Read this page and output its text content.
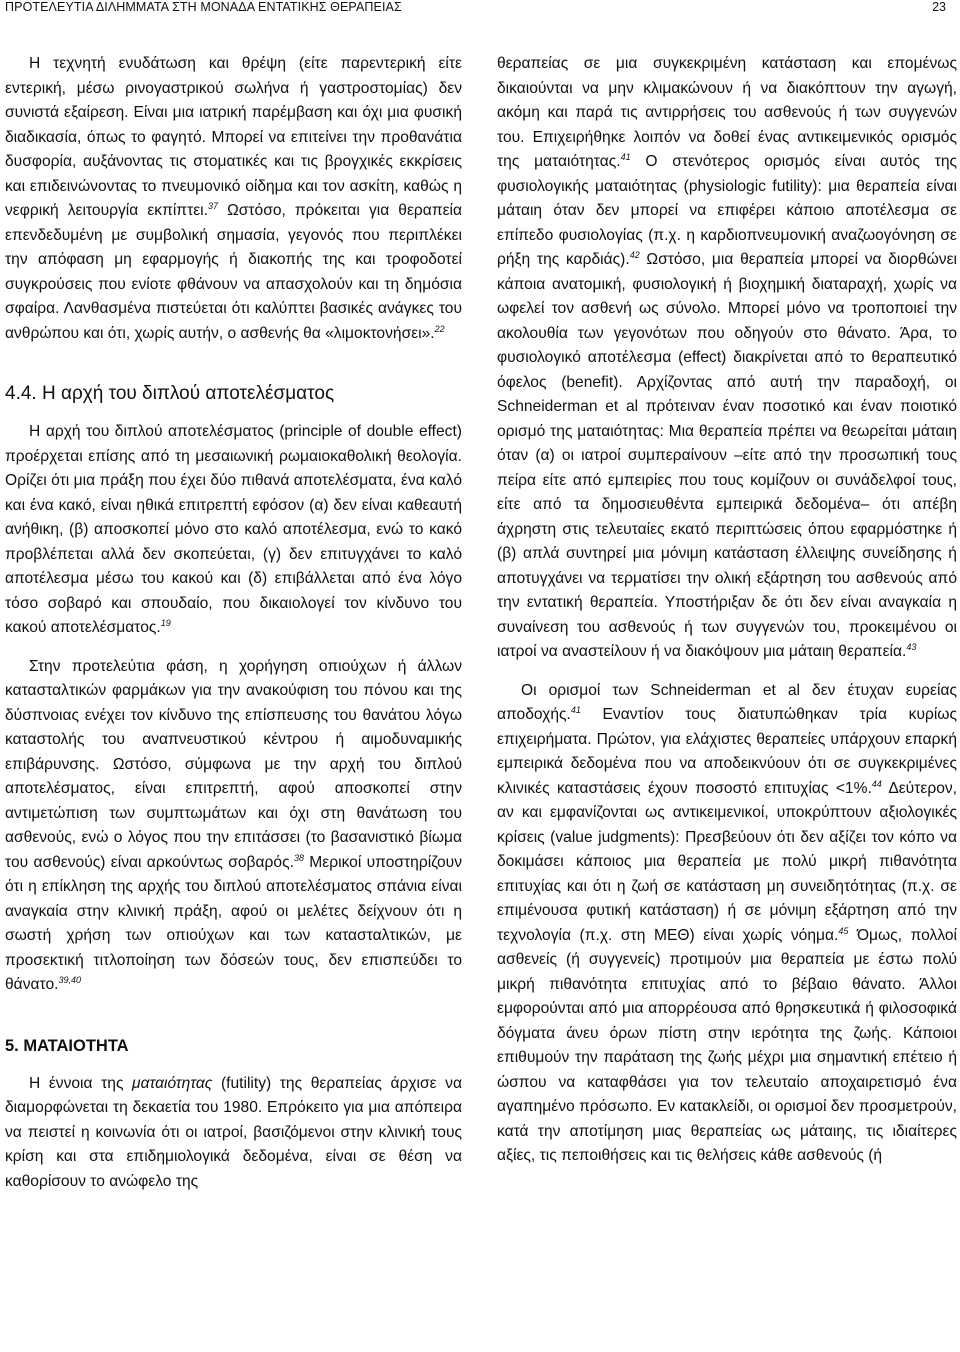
ΠΡΟΤΕΛΕΥΤΙΑ ΔΙΛΗΜΜΑΤΑ ΣΤΗ ΜΟΝΑΔΑ ΕΝΤΑΤΙΚΗΣ ΘΕΡΑΠΕΙΑΣ	23

Η τεχνητή ενυδάτωση και θρέψη (είτε παρεντερική είτε εντερική, μέσω ρινογαστρικού σωλήνα ή γαστροστομίας) δεν συνιστά εξαίρεση. Είναι μια ιατρική παρέμβαση και όχι μια φυσική διαδικασία, όπως το φαγητό. Μπορεί να επιτείνει την προθανάτια δυσφορία, αυξάνοντας τις στοματικές και τις βρογχικές εκκρίσεις και επιδεινώνοντας το πνευμονικό οίδημα και τον ασκίτη, καθώς η νεφρική λειτουργία εκπίπτει.$^{37}$ Ωστόσο, πρόκειται για θεραπεία επενδεδυμένη με συμβολική σημασία, γεγονός που περιπλέκει την απόφαση μη εφαρμογής ή διακοπής της και τροφοδοτεί συγκρούσεις που ενίοτε φθάνουν να απασχολούν και τη δημόσια σφαίρα. Λανθασμένα πιστεύεται ότι καλύπτει βασικές ανάγκες του ανθρώπου και ότι, χωρίς αυτήν, ο ασθενής θα «λιμοκτονήσει».$^{22}$

4.4. Η αρχή του διπλού αποτελέσματος

Η αρχή του διπλού αποτελέσματος (principle of double effect) προέρχεται επίσης από τη μεσαιωνική ρωμαιοκαθολική θεολογία. Ορίζει ότι μια πράξη που έχει δύο πιθανά αποτελέσματα, ένα καλό και ένα κακό, είναι ηθικά επιτρεπτή εφόσον (α) δεν είναι καθεαυτή ανήθικη, (β) αποσκοπεί μόνο στο καλό αποτέλεσμα, ενώ το κακό προβλέπεται αλλά δεν σκοπεύεται, (γ) δεν επιτυγχάνει το καλό αποτέλεσμα μέσω του κακού και (δ) επιβάλλεται από ένα λόγο τόσο σοβαρό και σπουδαίο, που δικαιολογεί τον κίνδυνο του κακού αποτελέσματος.$^{19}$

Στην προτελεύτια φάση, η χορήγηση οπιούχων ή άλλων κατασταλτικών φαρμάκων για την ανακούφιση του πόνου και της δύσπνοιας ενέχει τον κίνδυνο της επίσπευσης του θανάτου λόγω καταστολής του αναπνευστικού κέντρου ή αιμοδυναμικής επιβάρυνσης. Ωστόσο, σύμφωνα με την αρχή του διπλού αποτελέσματος, είναι επιτρεπτή, αφού αποσκοπεί στην αντιμετώπιση των συμπτωμάτων και όχι στη θανάτωση του ασθενούς, ενώ ο λόγος που την επιτάσσει (το βασανιστικό βίωμα του ασθενούς) είναι αρκούντως σοβαρός.$^{38}$ Μερικοί υποστηρίζουν ότι η επίκληση της αρχής του διπλού αποτελέσματος σπάνια είναι αναγκαία στην κλινική πράξη, αφού οι μελέτες δείχνουν ότι η σωστή χρήση των οπιούχων και των κατασταλτικών, με προσεκτική τιτλοποίηση των δόσεών τους, δεν επισπεύδει το θάνατο.$^{39,40}$

5. ΜΑΤΑΙΟΤΗΤΑ

Η έννοια της ματαιότητας (futility) της θεραπείας άρχισε να διαμορφώνεται τη δεκαετία του 1980. Επρόκειτο για μια απόπειρα να πειστεί η κοινωνία ότι οι ιατροί, βασιζόμενοι στην κλινική τους κρίση και στα επιδημιολογικά δεδομένα, είναι σε θέση να καθορίσουν το ανώφελο της

θεραπείας σε μια συγκεκριμένη κατάσταση και επομένως δικαιούνται να μην κλιμακώνουν ή να διακόπτουν την αγωγή, ακόμη και παρά τις αντιρρήσεις του ασθενούς ή των συγγενών του. Επιχειρήθηκε λοιπόν να δοθεί ένας αντικειμενικός ορισμός της ματαιότητας.$^{41}$ Ο στενότερος ορισμός είναι αυτός της φυσιολογικής ματαιότητας (physiologic futility): μια θεραπεία είναι μάταιη όταν δεν μπορεί να επιφέρει κάποιο αποτέλεσμα σε επίπεδο φυσιολογίας (π.χ. η καρδιοπνευμονική αναζωογόνηση σε ρήξη της καρδιάς).$^{42}$ Ωστόσο, μια θεραπεία μπορεί να διορθώνει κάποια ανατομική, φυσιολογική ή βιοχημική διαταραχή, χωρίς να ωφελεί τον ασθενή ως σύνολο. Μπορεί μόνο να τροποποιεί την ακολουθία των γεγονότων που οδηγούν στο θάνατο. Άρα, το φυσιολογικό αποτέλεσμα (effect) διακρίνεται από το θεραπευτικό όφελος (benefit). Αρχίζοντας από αυτή την παραδοχή, οι Schneiderman et al πρότειναν έναν ποσοτικό και έναν ποιοτικό ορισμό της ματαιότητας: Μια θεραπεία πρέπει να θεωρείται μάταιη όταν (α) οι ιατροί συμπεραίνουν –είτε από την προσωπική τους πείρα είτε από εμπειρίες που τους κομίζουν οι συνάδελφοί τους, είτε από τα δημοσιευθέντα εμπειρικά δεδομένα– ότι απέβη άχρηστη στις τελευταίες εκατό περιπτώσεις όπου εφαρμόστηκε ή (β) απλά συντηρεί μια μόνιμη κατάσταση έλλειψης συνείδησης ή αποτυγχάνει να τερματίσει την ολική εξάρτηση του ασθενούς από την εντατική θεραπεία. Υποστήριξαν δε ότι δεν είναι αναγκαία η συναίνεση του ασθενούς ή των συγγενών του, προκειμένου οι ιατροί να αναστείλουν ή να διακόψουν μια μάταιη θεραπεία.$^{43}$

Οι ορισμοί των Schneiderman et al δεν έτυχαν ευρείας αποδοχής.$^{41}$ Εναντίον τους διατυπώθηκαν τρία κυρίως επιχειρήματα. Πρώτον, για ελάχιστες θεραπείες υπάρχουν επαρκή εμπειρικά δεδομένα που να αποδεικνύουν ότι σε συγκεκριμένες κλινικές καταστάσεις έχουν ποσοστό επιτυχίας <1%.$^{44}$ Δεύτερον, αν και εμφανίζονται ως αντικειμενικοί, υποκρύπτουν αξιολογικές κρίσεις (value judgments): Πρεσβεύουν ότι δεν αξίζει τον κόπο να δοκιμάσει κάποιος μια θεραπεία με πολύ μικρή πιθανότητα επιτυχίας και ότι η ζωή σε κατάσταση μη συνειδητότητας (π.χ. σε επιμένουσα φυτική κατάσταση) ή σε μόνιμη εξάρτηση από την τεχνολογία (π.χ. στη ΜΕΘ) είναι χωρίς νόημα.$^{45}$ Όμως, πολλοί ασθενείς (ή συγγενείς) προτιμούν μια θεραπεία με έστω πολύ μικρή πιθανότητα επιτυχίας από το βέβαιο θάνατο. Άλλοι εμφορούνται από μια απορρέουσα από θρησκευτικά ή φιλοσοφικά δόγματα άνευ όρων πίστη στην ιερότητα της ζωής. Κάποιοι επιθυμούν την παράταση της ζωής μέχρι μια σημαντική επέτειο ή ώσπου να καταφθάσει για τον τελευταίο αποχαιρετισμό ένα αγαπημένο πρόσωπο. Εν κατακλείδι, οι ορισμοί δεν προσμετρούν, κατά την αποτίμηση μιας θεραπείας ως μάταιης, τις ιδιαίτερες αξίες, τις πεποιθήσεις και τις θελήσεις κάθε ασθενούς (ή
